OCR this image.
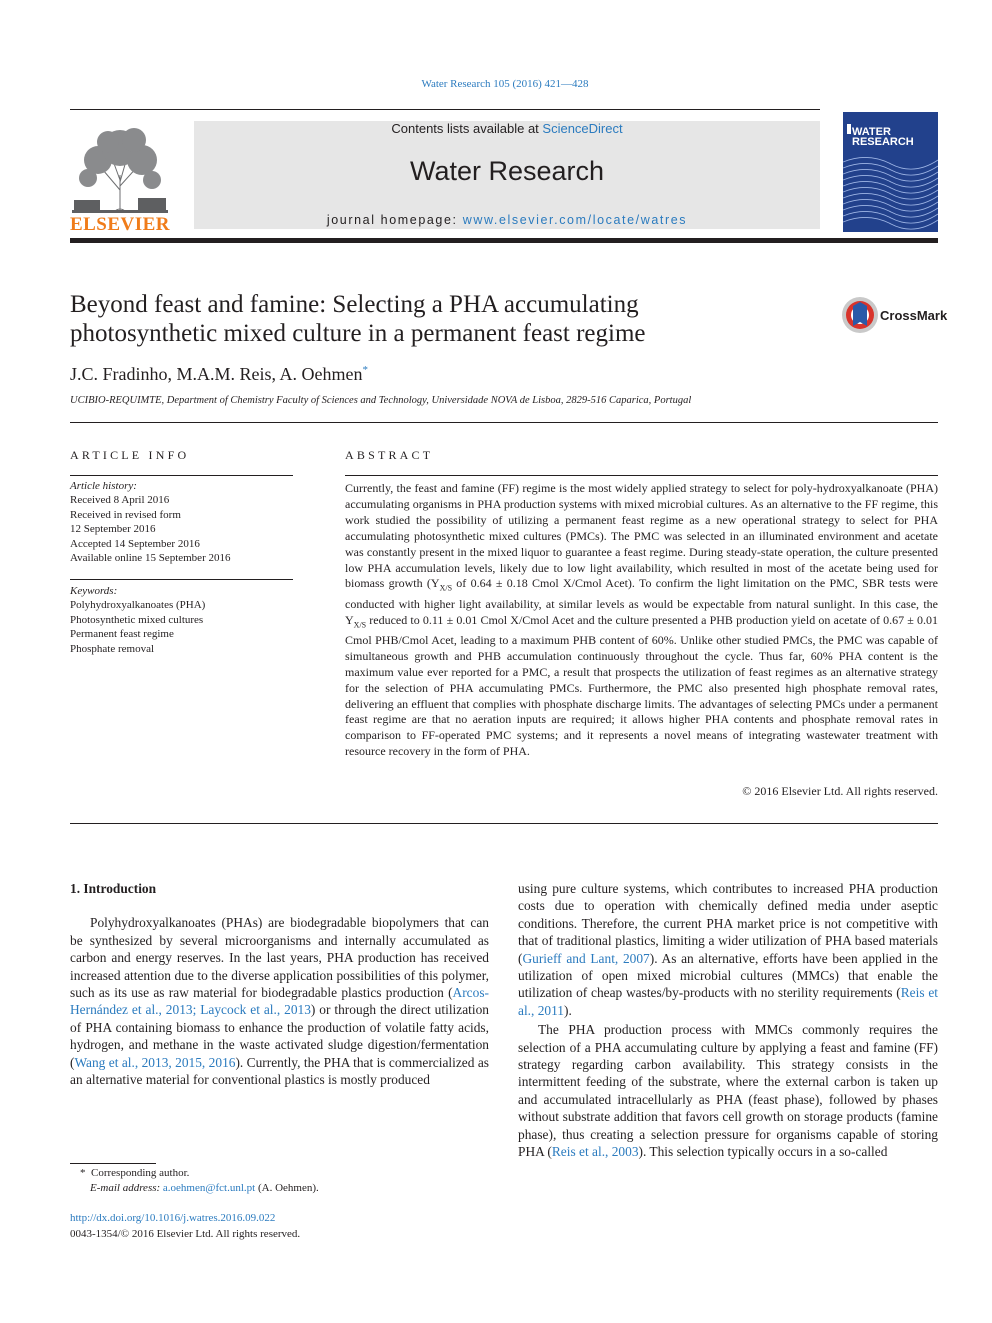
Water Research 105 (2016) 421—428
ELSEVIER
Contents lists available at ScienceDirect
Water Research
journal homepage: www.elsevier.com/locate/watres
WATER
RESEARCH
Beyond feast and famine: Selecting a PHA accumulating
photosynthetic mixed culture in a permanent feast regime
CrossMark
J.C. Fradinho, M.A.M. Reis, A. Oehmen*
UCIBIO-REQUIMTE, Department of Chemistry Faculty of Sciences and Technology, Universidade NOVA de Lisboa, 2829-516 Caparica, Portugal
ARTICLE INFO
Article history:
Received 8 April 2016
Received in revised form
12 September 2016
Accepted 14 September 2016
Available online 15 September 2016
Keywords:
Polyhydroxyalkanoates (PHA)
Photosynthetic mixed cultures
Permanent feast regime
Phosphate removal
ABSTRACT
Currently, the feast and famine (FF) regime is the most widely applied strategy to select for poly-hydroxyalkanoate (PHA) accumulating organisms in PHA production systems with mixed microbial cultures. As an alternative to the FF regime, this work studied the possibility of utilizing a permanent feast regime as a new operational strategy to select for PHA accumulating photosynthetic mixed cultures (PMCs). The PMC was selected in an illuminated environment and acetate was constantly present in the mixed liquor to guarantee a feast regime. During steady-state operation, the culture presented low PHA accumulation levels, likely due to low light availability, which resulted in most of the acetate being used for biomass growth ($Y_{X/S}$ of 0.64 ± 0.18 Cmol X/Cmol Acet). To confirm the light limitation on the PMC, SBR tests were conducted with higher light availability, at similar levels as would be expectable from natural sunlight. In this case, the $Y_{X/S}$ reduced to 0.11 ± 0.01 Cmol X/Cmol Acet and the culture presented a PHB production yield on acetate of 0.67 ± 0.01 Cmol PHB/Cmol Acet, leading to a maximum PHB content of 60%. Unlike other studied PMCs, the PMC was capable of simultaneous growth and PHB accumulation continuously throughout the cycle. Thus far, 60% PHA content is the maximum value ever reported for a PMC, a result that prospects the utilization of feast regimes as an alternative strategy for the selection of PHA accumulating PMCs. Furthermore, the PMC also presented high phosphate removal rates, delivering an effluent that complies with phosphate discharge limits. The advantages of selecting PMCs under a permanent feast regime are that no aeration inputs are required; it allows higher PHA contents and phosphate removal rates in comparison to FF-operated PMC systems; and it represents a novel means of integrating wastewater treatment with resource recovery in the form of PHA.
© 2016 Elsevier Ltd. All rights reserved.
1. Introduction

Polyhydroxyalkanoates (PHAs) are biodegradable biopolymers that can be synthesized by several microorganisms and internally accumulated as carbon and energy reserves. In the last years, PHA production has received increased attention due to the diverse application possibilities of this polymer, such as its use as raw material for biodegradable plastics production (Arcos-Hernández et al., 2013; Laycock et al., 2013) or through the direct utilization of PHA containing biomass to enhance the production of volatile fatty acids, hydrogen, and methane in the waste activated sludge digestion/fermentation (Wang et al., 2013, 2015, 2016). Currently, the PHA that is commercialized as an alternative material for conventional plastics is mostly produced

using pure culture systems, which contributes to increased PHA production costs due to operation with chemically defined media under aseptic conditions. Therefore, the current PHA market price is not competitive with that of traditional plastics, limiting a wider utilization of PHA based materials (Gurieff and Lant, 2007). As an alternative, efforts have been applied in the utilization of open mixed microbial cultures (MMCs) that enable the utilization of cheap wastes/by-products with no sterility requirements (Reis et al., 2011).

The PHA production process with MMCs commonly requires the selection of a PHA accumulating culture by applying a feast and famine (FF) strategy regarding carbon availability. This strategy consists in the intermittent feeding of the substrate, where the external carbon is taken up and accumulated intracellularly as PHA (feast phase), followed by phases without substrate addition that favors cell growth on storage products (famine phase), thus creating a selection pressure for organisms capable of storing PHA (Reis et al., 2003). This selection typically occurs in a so-called

* Corresponding author.
E-mail address: a.oehmen@fct.unl.pt (A. Oehmen).
http://dx.doi.org/10.1016/j.watres.2016.09.022
0043-1354/© 2016 Elsevier Ltd. All rights reserved.
